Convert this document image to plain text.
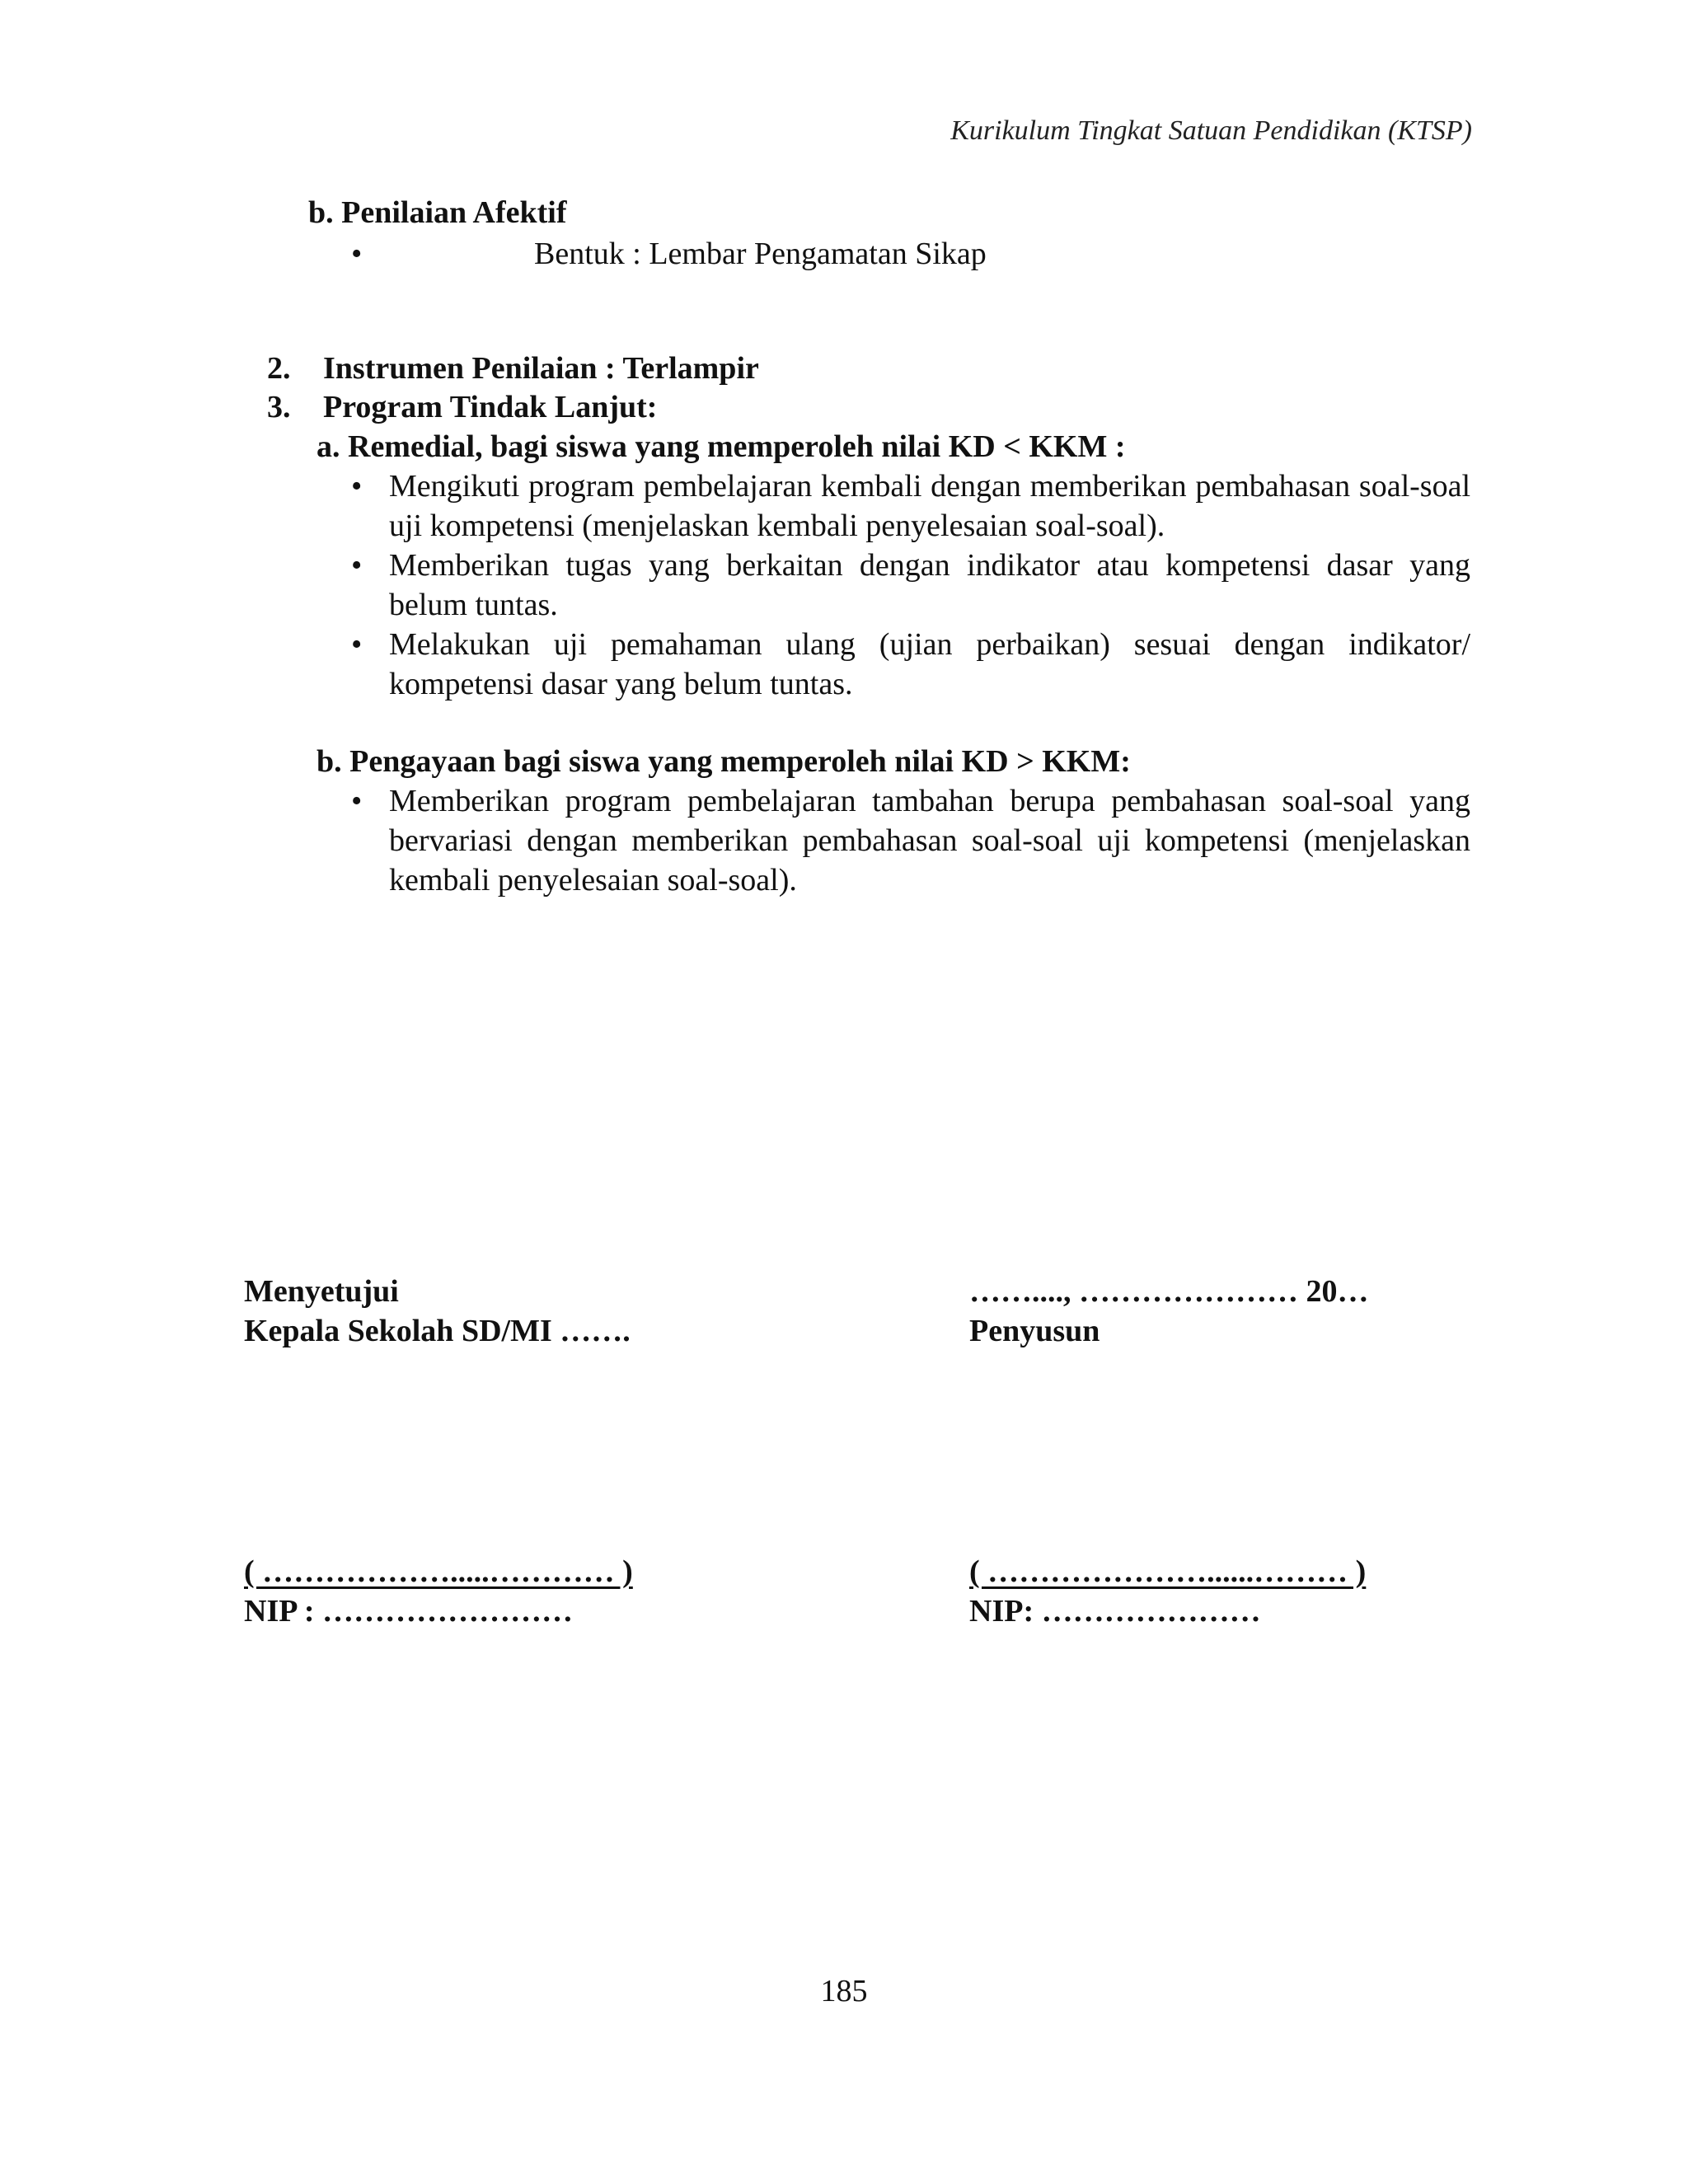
Kurikulum Tingkat Satuan Pendidikan (KTSP)
b. Penilaian Afektif
•	Bentuk : Lembar Pengamatan Sikap
2. Instrumen Penilaian : Terlampir
3. Program Tindak Lanjut:
a. Remedial, bagi siswa yang memperoleh nilai KD < KKM :
• Mengikuti program pembelajaran kembali dengan memberikan pembahasan soal-soal uji kompetensi (menjelaskan kembali penyelesaian soal-soal).
• Memberikan tugas yang berkaitan dengan indikator atau kompetensi dasar yang belum tuntas.
• Melakukan uji pemahaman ulang (ujian perbaikan) sesuai dengan indikator/ kompetensi dasar yang belum tuntas.
b. Pengayaan bagi siswa yang memperoleh nilai KD > KKM:
• Memberikan program pembelajaran tambahan berupa pembahasan soal-soal yang bervariasi dengan memberikan pembahasan soal-soal uji kompetensi (menjelaskan kembali penyelesaian soal-soal).
Menyetujui
Kepala Sekolah SD/MI …….
( ……………….....………… )
NIP : ……………………
……...., ………………… 20…
Penyusun
( …………………......……… )
NIP: …………………
185
